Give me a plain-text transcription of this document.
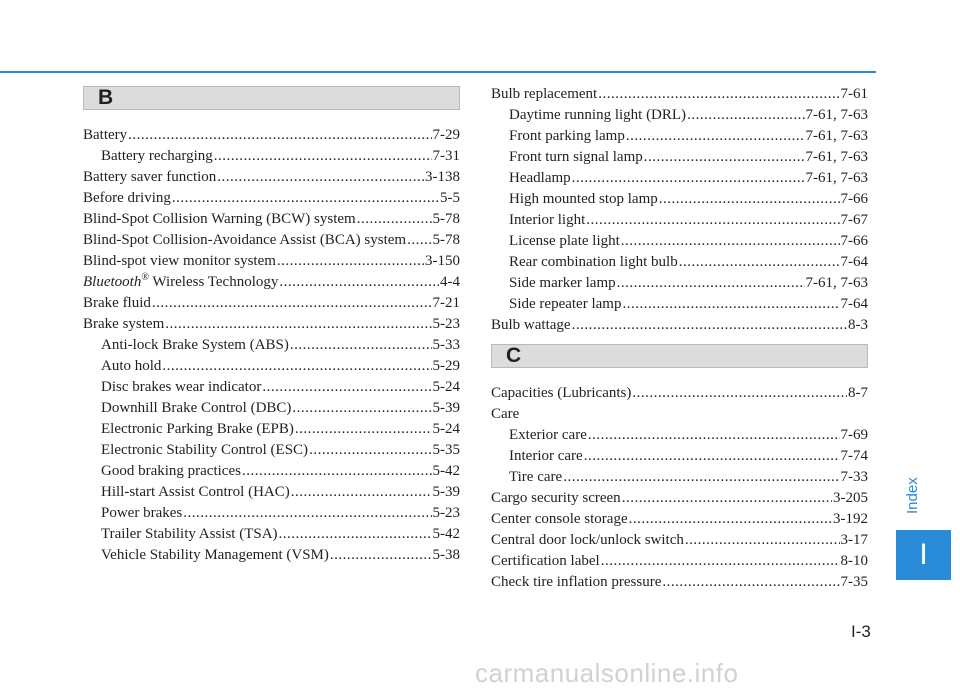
B
Battery .....	7-29
Battery recharging .....	7-31
Battery saver function .....	3-138
Before driving .....	5-5
Blind-Spot Collision Warning (BCW) system .....	5-78
Blind-Spot Collision-Avoidance Assist (BCA) system ..... 5-78
Blind-spot view monitor system .....	3-150
Bluetooth® Wireless Technology .....	4-4
Brake fluid .....	7-21
Brake system .....	5-23
Anti-lock Brake System (ABS) .....	5-33
Auto hold .....	5-29
Disc brakes wear indicator .....	5-24
Downhill Brake Control (DBC) .....	5-39
Electronic Parking Brake (EPB) .....	5-24
Electronic Stability Control (ESC) .....	5-35
Good braking practices .....	5-42
Hill-start Assist Control (HAC) .....	5-39
Power brakes .....	5-23
Trailer Stability Assist (TSA) .....	5-42
Vehicle Stability Management (VSM) .....	5-38
Bulb replacement .....	7-61
Daytime running light (DRL) .....	7-61, 7-63
Front parking lamp .....	7-61, 7-63
Front turn signal lamp .....	7-61, 7-63
Headlamp .....	7-61, 7-63
High mounted stop lamp .....	7-66
Interior light .....	7-67
License plate light .....	7-66
Rear combination light bulb .....	7-64
Side marker lamp .....	7-61, 7-63
Side repeater lamp .....	7-64
Bulb wattage .....	8-3
C
Capacities (Lubricants) .....	8-7
Care
Exterior care .....	7-69
Interior care .....	7-74
Tire care .....	7-33
Cargo security screen .....	3-205
Center console storage .....	3-192
Central door lock/unlock switch .....	3-17
Certification label .....	8-10
Check tire inflation pressure .....	7-35
Index
I
I-3
carmanualsonline.info
